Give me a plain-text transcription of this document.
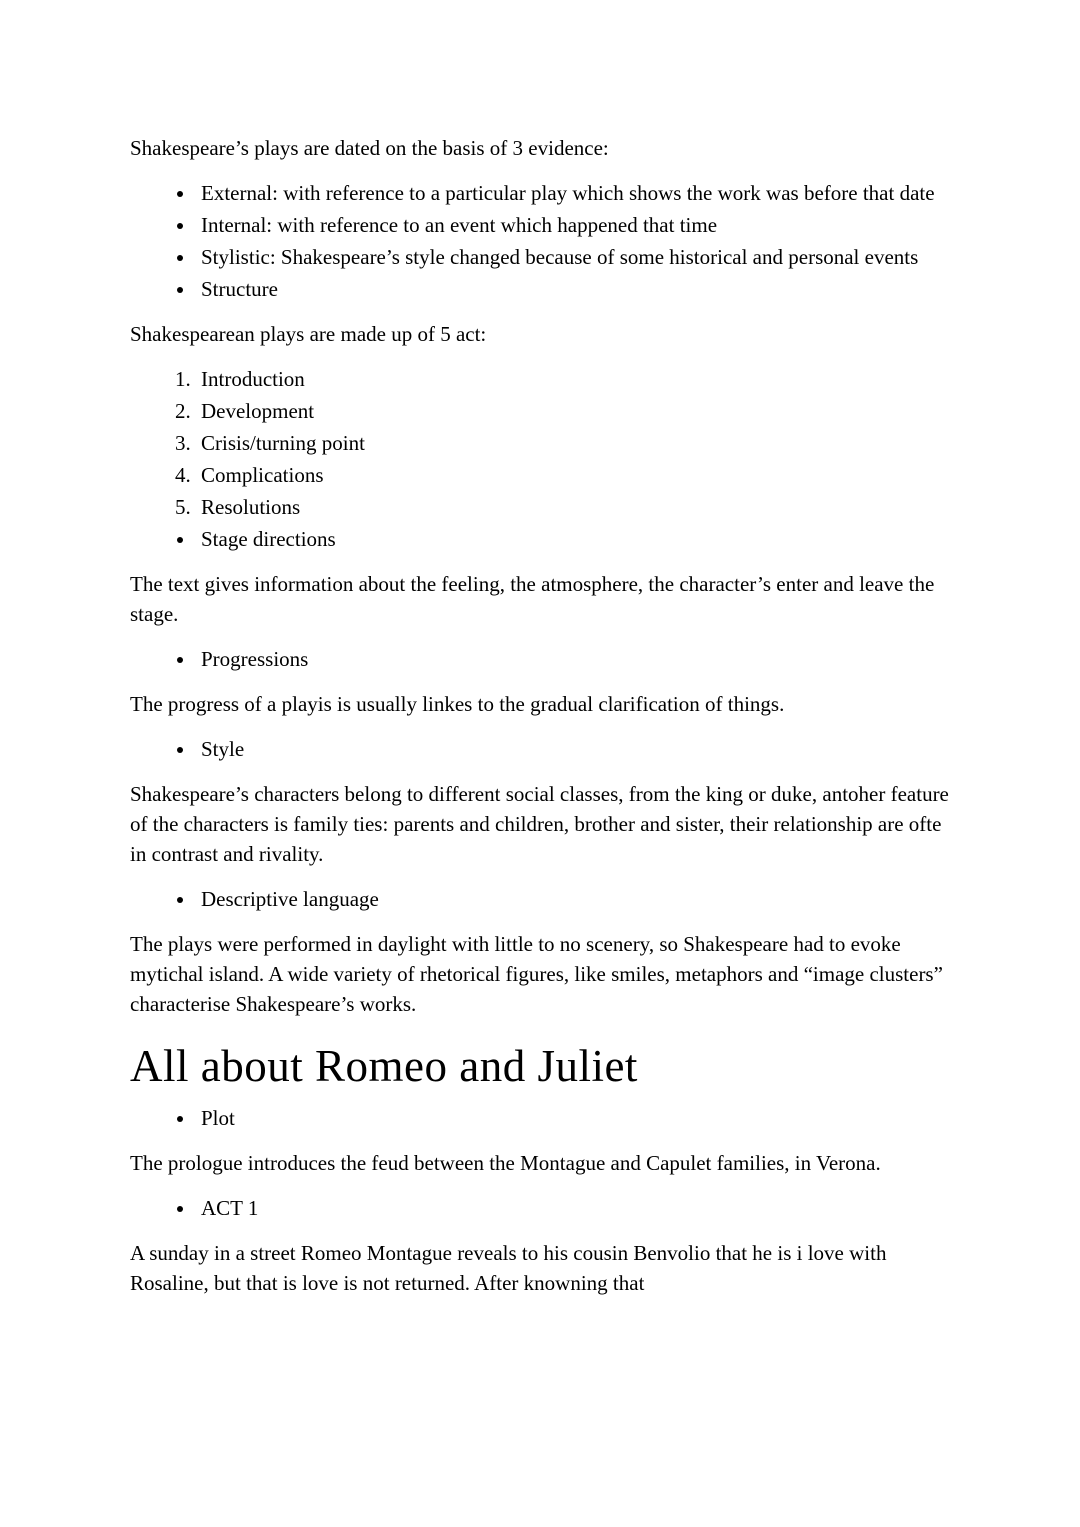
Shakespeare’s plays are dated on the basis of 3 evidence:

• External: with reference to a particular play which shows the work was before that date
• Internal: with reference to an event which happened that time
• Stylistic: Shakespeare’s style changed because of some historical and personal events
• Structure

Shakespearean plays are made up of 5 act:

1. Introduction
2. Development
3. Crisis/turning point
4. Complications
5. Resolutions
• Stage directions

The text gives information about the feeling, the atmosphere, the character’s enter and leave the stage.

• Progressions

The progress of a playis is usually linkes to the gradual clarification of things.

• Style

Shakespeare’s characters belong to different social classes, from the king or duke, antoher feature of the characters is family ties: parents and children, brother and sister, their relationship are ofte in contrast and rivality.

• Descriptive language

The plays were performed in daylight with little to no scenery, so Shakespeare had to evoke mytichal island. A wide variety of rhetorical figures, like smiles, metaphors and “image clusters” characterise Shakespeare’s works.

All about Romeo and Juliet
• Plot

The prologue introduces the feud between the Montague and Capulet families, in Verona.

• ACT 1

A sunday in a street Romeo Montague reveals to his cousin Benvolio that he is i love with Rosaline, but that is love is not returned. After knowning that
